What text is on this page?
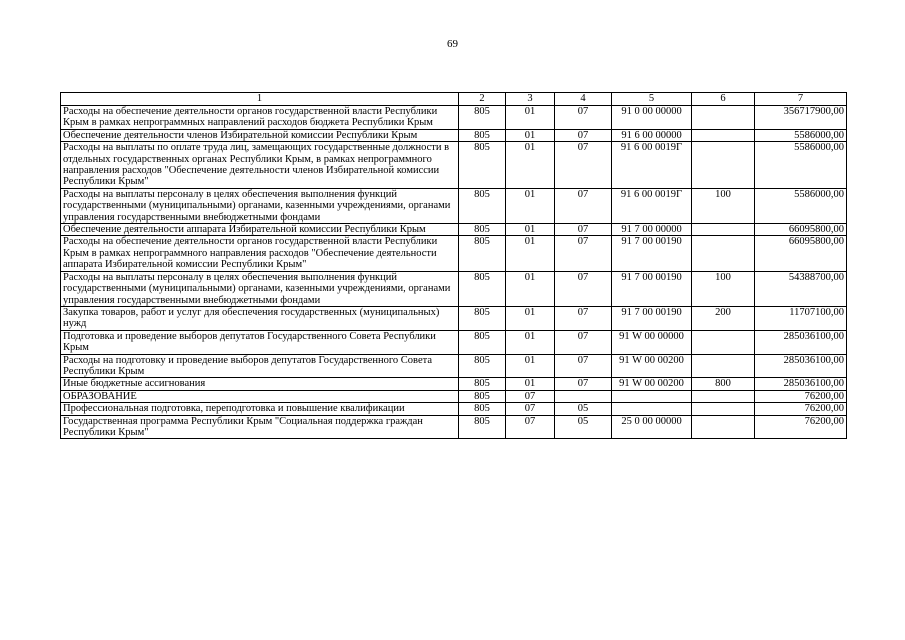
69
1	2	3	4	5	6	7
Расходы на обеспечение деятельности органов государственной власти Республики Крым в рамках непрограммных направлений расходов бюджета Республики Крым	805	01	07	91 0 00 00000		356717900,00
Обеспечение деятельности членов Избирательной комиссии Республики Крым	805	01	07	91 6 00 00000		5586000,00
Расходы на выплаты по оплате труда лиц, замещающих государственные должности в отдельных государственных органах Республики Крым, в рамках непрограммного направления расходов "Обеспечение деятельности членов Избирательной комиссии Республики Крым"	805	01	07	91 6 00 0019Г		5586000,00
Расходы на выплаты персоналу в целях обеспечения выполнения функций государственными (муниципальными) органами, казенными учреждениями, органами управления государственными внебюджетными фондами	805	01	07	91 6 00 0019Г	100	5586000,00
Обеспечение деятельности аппарата Избирательной комиссии Республики Крым	805	01	07	91 7 00 00000		66095800,00
Расходы на обеспечение деятельности органов государственной власти Республики Крым в рамках непрограммного направления расходов "Обеспечение деятельности аппарата Избирательной комиссии Республики Крым"	805	01	07	91 7 00 00190		66095800,00
Расходы на выплаты персоналу в целях обеспечения выполнения функций государственными (муниципальными) органами, казенными учреждениями, органами управления государственными внебюджетными фондами	805	01	07	91 7 00 00190	100	54388700,00
Закупка товаров, работ и услуг для обеспечения государственных (муниципальных) нужд	805	01	07	91 7 00 00190	200	11707100,00
Подготовка и проведение выборов депутатов Государственного Совета Республики Крым	805	01	07	91 W 00 00000		285036100,00
Расходы на подготовку и проведение выборов депутатов Государственного Совета Республики Крым	805	01	07	91 W 00 00200		285036100,00
Иные бюджетные ассигнования	805	01	07	91 W 00 00200	800	285036100,00
ОБРАЗОВАНИЕ	805	07				76200,00
Профессиональная подготовка, переподготовка и повышение квалификации	805	07	05			76200,00
Государственная программа Республики Крым "Социальная поддержка граждан Республики Крым"	805	07	05	25 0 00 00000		76200,00
